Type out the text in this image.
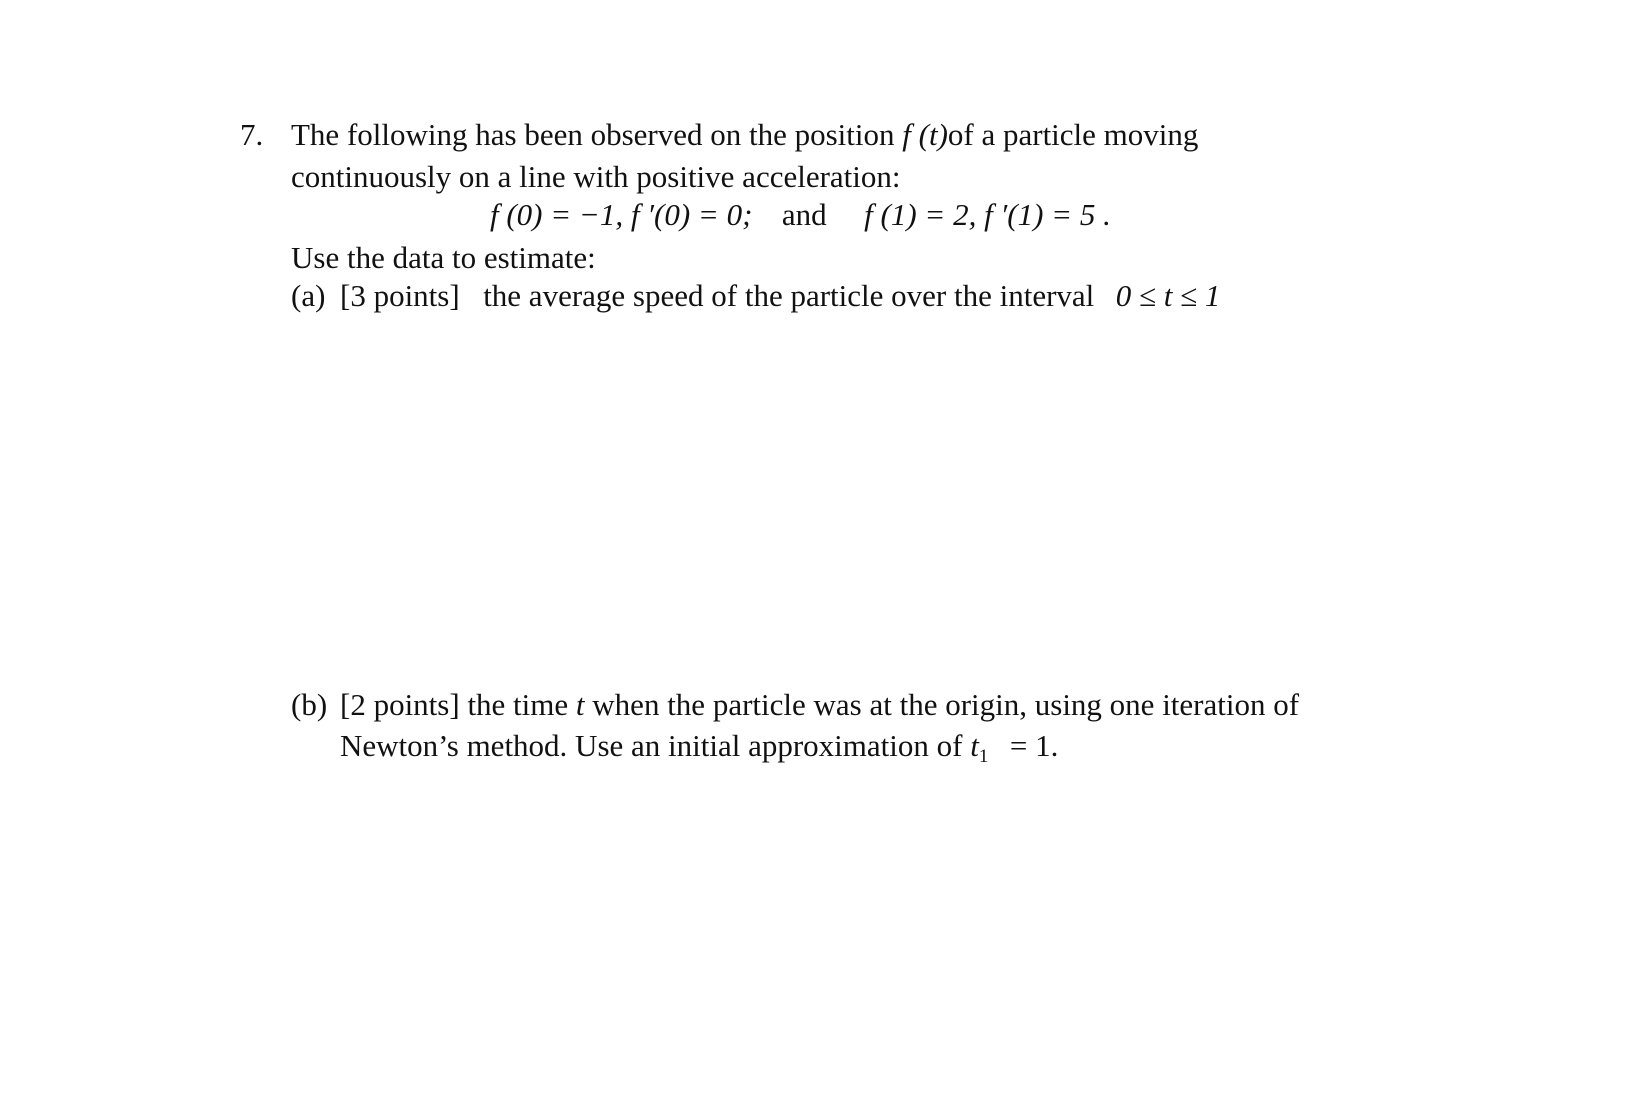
7. The following has been observed on the position f (t)of a particle moving
continuously on a line with positive acceleration:
f (0) = −1, f ′(0) = 0; and f (1) = 2, f ′(1) = 5 .
Use the data to estimate:
(a) [3 points] the average speed of the particle over the interval 0 ≤ t ≤ 1
(b) [2 points] the time t when the particle was at the origin, using one iteration of
Newton’s method. Use an initial approximation of t1 = 1.
